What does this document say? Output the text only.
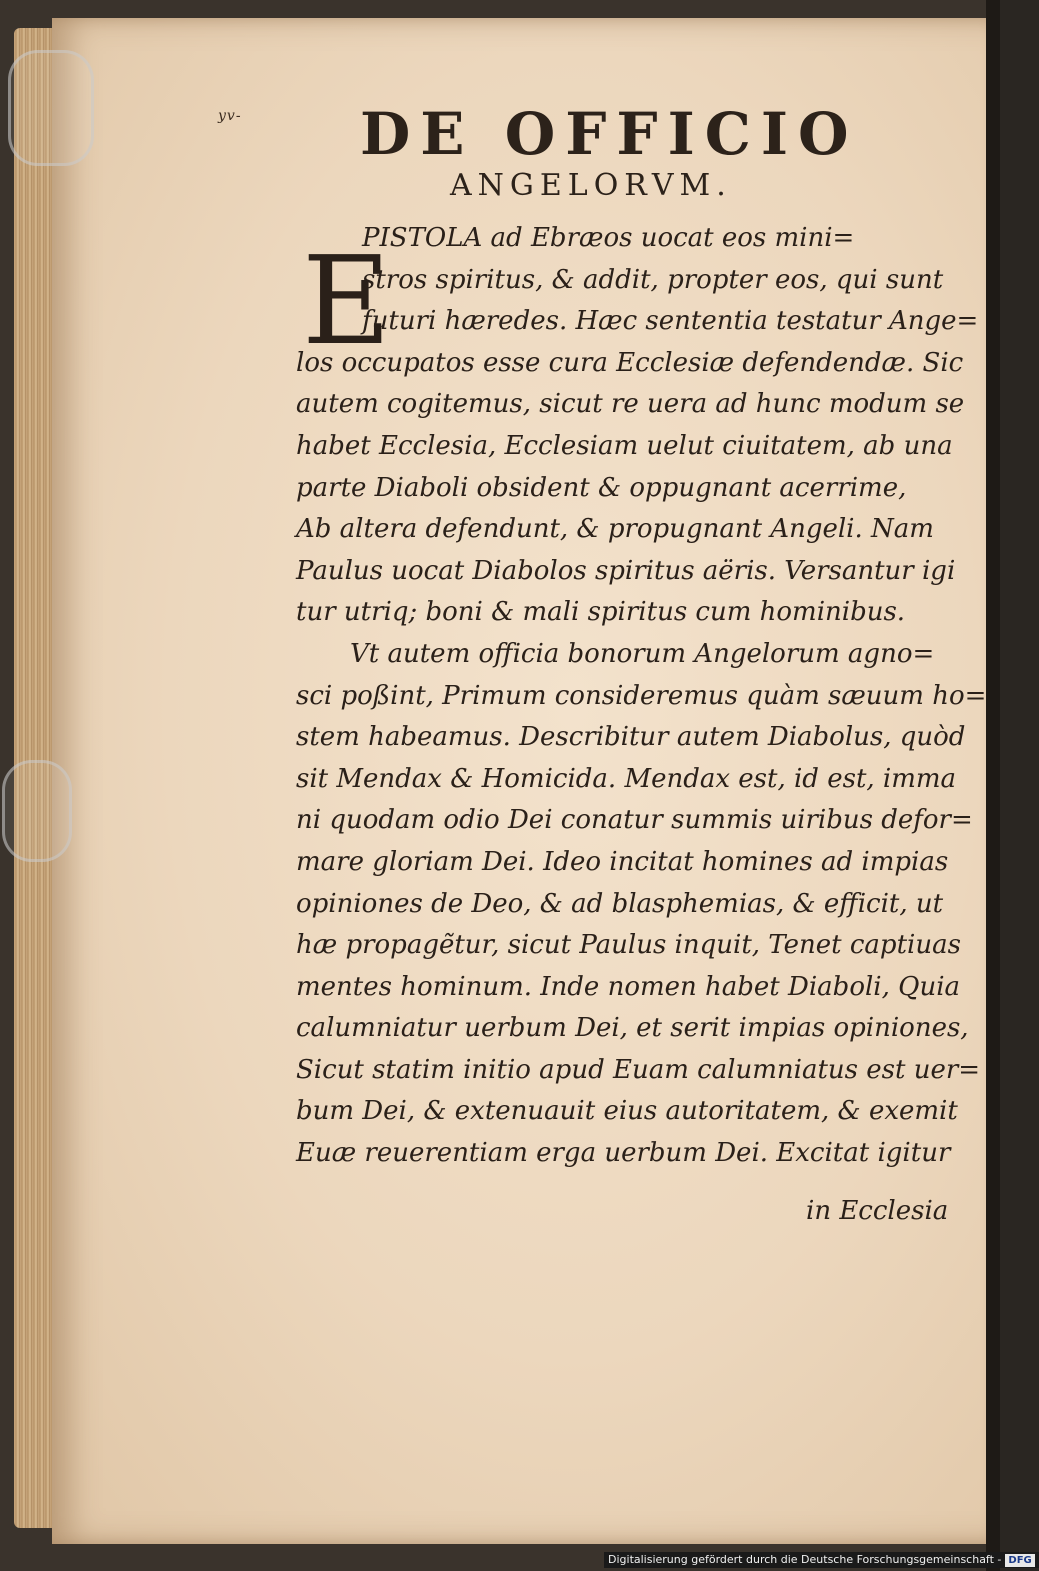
yv- DE OFFICIO
ANGELORVM.
E
PISTOLA ad Ebræos uocat eos mini=
stros spiritus, & addit, propter eos, qui sunt
futuri hæredes. Hæc sententia testatur Ange=
los occupatos esse cura Ecclesiæ defendendæ. Sic
autem cogitemus, sicut re uera ad hunc modum se
habet Ecclesia, Ecclesiam uelut ciuitatem, ab una
parte Diaboli obsident & oppugnant acerrime,
Ab altera defendunt, & propugnant Angeli. Nam
Paulus uocat Diabolos spiritus aëris. Versantur igi
tur utriq; boni & mali spiritus cum hominibus.
Vt autem officia bonorum Angelorum agno=
sci poßint, Primum consideremus quàm sæuum ho=
stem habeamus. Describitur autem Diabolus, quòd
sit Mendax & Homicida. Mendax est, id est, imma
ni quodam odio Dei conatur summis uiribus defor=
mare gloriam Dei. Ideo incitat homines ad impias
opiniones de Deo, & ad blasphemias, & efficit, ut
hæ propagẽtur, sicut Paulus inquit, Tenet captiuas
mentes hominum. Inde nomen habet Diaboli, Quia
calumniatur uerbum Dei, et serit impias opiniones,
Sicut statim initio apud Euam calumniatus est uer=
bum Dei, & extenuauit eius autoritatem, & exemit
Euæ reuerentiam erga uerbum Dei. Excitat igitur
in Ecclesia
Digitalisierung gefördert durch die Deutsche Forschungsgemeinschaft - DFG
